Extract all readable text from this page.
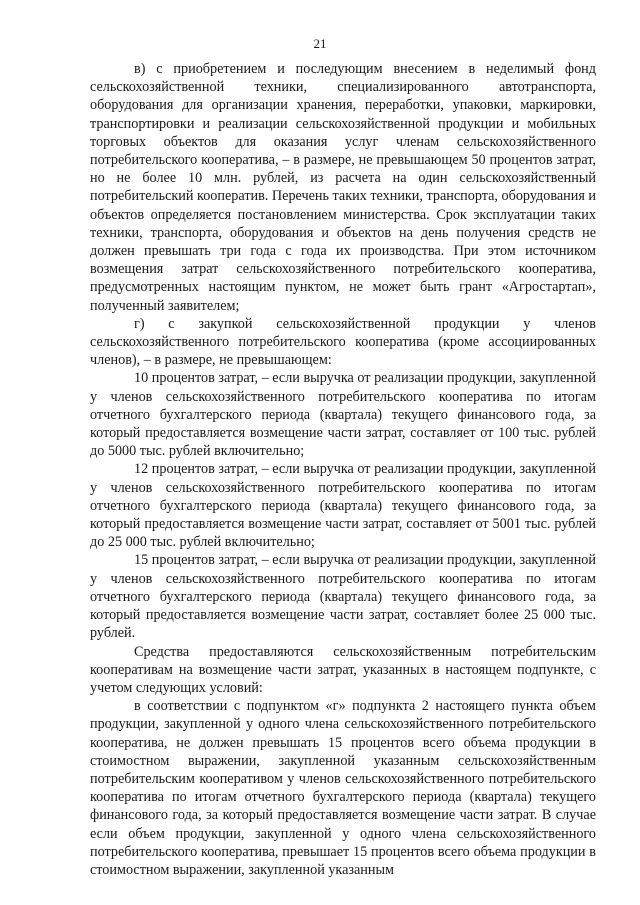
21

в) с приобретением и последующим внесением в неделимый фонд сельскохозяйственной техники, специализированного автотранспорта, оборудования для организации хранения, переработки, упаковки, маркировки, транспортировки и реализации сельскохозяйственной продукции и мобильных торговых объектов для оказания услуг членам сельскохозяйственного потребительского кооператива, – в размере, не превышающем 50 процентов затрат, но не более 10 млн. рублей, из расчета на один сельскохозяйственный потребительский кооператив. Перечень таких техники, транспорта, оборудования и объектов определяется постановлением министерства. Срок эксплуатации таких техники, транспорта, оборудования и объектов на день получения средств не должен превышать три года с года их производства. При этом источником возмещения затрат сельскохозяйственного потребительского кооператива, предусмотренных настоящим пунктом, не может быть грант «Агростартап», полученный заявителем;

г) с закупкой сельскохозяйственной продукции у членов сельскохозяйственного потребительского кооператива (кроме ассоциированных членов), – в размере, не превышающем:

10 процентов затрат, – если выручка от реализации продукции, закупленной у членов сельскохозяйственного потребительского кооператива по итогам отчетного бухгалтерского периода (квартала) текущего финансового года, за который предоставляется возмещение части затрат, составляет от 100 тыс. рублей до 5000 тыс. рублей включительно;

12 процентов затрат, – если выручка от реализации продукции, закупленной у членов сельскохозяйственного потребительского кооператива по итогам отчетного бухгалтерского периода (квартала) текущего финансового года, за который предоставляется возмещение части затрат, составляет от 5001 тыс. рублей до 25 000 тыс. рублей включительно;

15 процентов затрат, – если выручка от реализации продукции, закупленной у членов сельскохозяйственного потребительского кооператива по итогам отчетного бухгалтерского периода (квартала) текущего финансового года, за который предоставляется возмещение части затрат, составляет более 25 000 тыс. рублей.

Средства предоставляются сельскохозяйственным потребительским кооперативам на возмещение части затрат, указанных в настоящем подпункте, с учетом следующих условий:

в соответствии с подпунктом «г» подпункта 2 настоящего пункта объем продукции, закупленной у одного члена сельскохозяйственного потребительского кооператива, не должен превышать 15 процентов всего объема продукции в стоимостном выражении, закупленной указанным сельскохозяйственным потребительским кооперативом у членов сельскохозяйственного потребительского кооператива по итогам отчетного бухгалтерского периода (квартала) текущего финансового года, за который предоставляется возмещение части затрат. В случае если объем продукции, закупленной у одного члена сельскохозяйственного потребительского кооператива, превышает 15 процентов всего объема продукции в стоимостном выражении, закупленной указанным
